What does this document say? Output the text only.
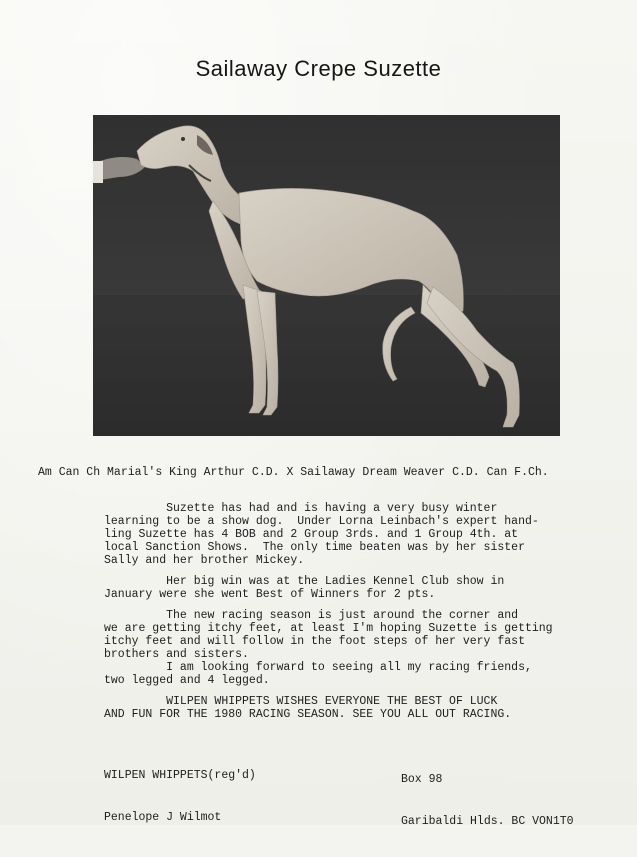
Sailaway Crepe Suzette
Am Can Ch Marial's King Arthur C.D. X Sailaway Dream Weaver C.D. Can F.Ch.

Suzette has had and is having a very busy winter

learning to be a show dog.  Under Lorna Leinbach's expert hand-

ling Suzette has 4 BOB and 2 Group 3rds. and 1 Group 4th. at

local Sanction Shows.  The only time beaten was by her sister

Sally and her brother Mickey.

Her big win was at the Ladies Kennel Club show in

January were she went Best of Winners for 2 pts.

The new racing season is just around the corner and

we are getting itchy feet, at least I'm hoping Suzette is getting

itchy feet and will follow in the foot steps of her very fast

brothers and sisters.

I am looking forward to seeing all my racing friends,

two legged and 4 legged.

WILPEN WHIPPETS WISHES EVERYONE THE BEST OF LUCK

AND FUN FOR THE 1980 RACING SEASON. SEE YOU ALL OUT RACING.

WILPEN WHIPPETS(reg'd)

Penelope J Wilmot

Box 98

Garibaldi Hlds. BC VON1T0
